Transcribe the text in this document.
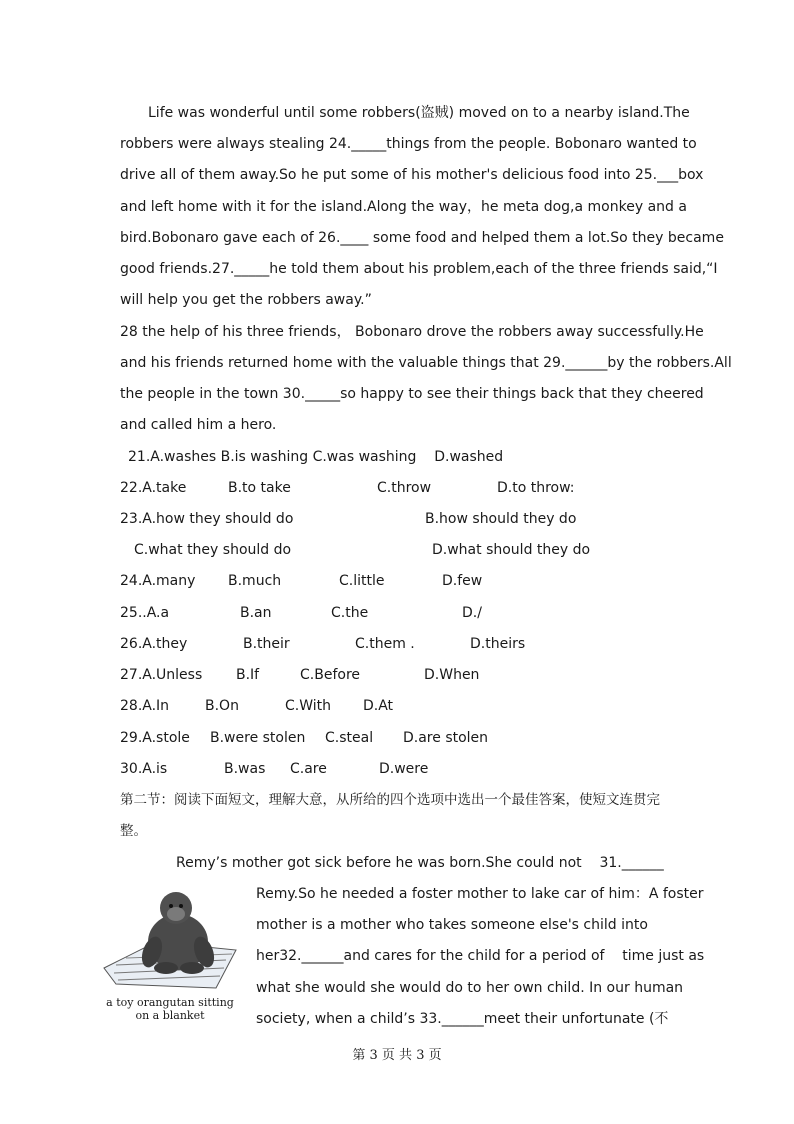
Life was wonderful until some robbers(盗贼) moved on to a nearby island.The
robbers were always stealing 24._____things from the people. Bobonaro wanted to
drive all of them away.So he put some of his mother's delicious food into 25.___box
and left home with it for the island.Along the way，he meta dog,a monkey and a
bird.Bobonaro gave each of 26.____ some food and helped them a lot.So they became
good friends.27._____he told them about his problem,each of the three friends said,“I
will help you get the robbers away.”
28 the help of his three friends， Bobonaro drove the robbers away successfully.He
and his friends returned home with the valuable things that 29.______by the robbers.All
the people in the town 30._____so happy to see their things back that they cheered
and called him a hero.
21.A.washes B.is washing C.was washing    D.washed
22.A.take	B.to take	C.throw	D.to throw:
23.A.how they should do	B.how should they do
C.what they should do	D.what should they do
24.A.many B.much	C.little	D.few
25..A.a	B.an	C.the	D./
26.A.they	B.their	C.them .	D.theirs
27.A.Unless B.If	C.Before	D.When
28.A.In	B.On	C.With D.At
29.A.stole B.were stolen C.steal D.are stolen
30.A.is	B.was C.are	D.were
第二节：阅读下面短文，理解大意，从所给的四个选项中选出一个最佳答案，使短文连贯完
整。
Remy’s mother got sick before he was born.She could not    31.______
Remy.So he needed a foster mother to lake car of him：A foster
mother is a mother who takes someone else's child into
her32.______and cares for the child for a period of    time just as
what she would she would do to her own child. In our human
society, when a child’s 33.______meet their unfortunate (不
a toy orangutan sitting on a blanket
第 3 页 共 3 页
